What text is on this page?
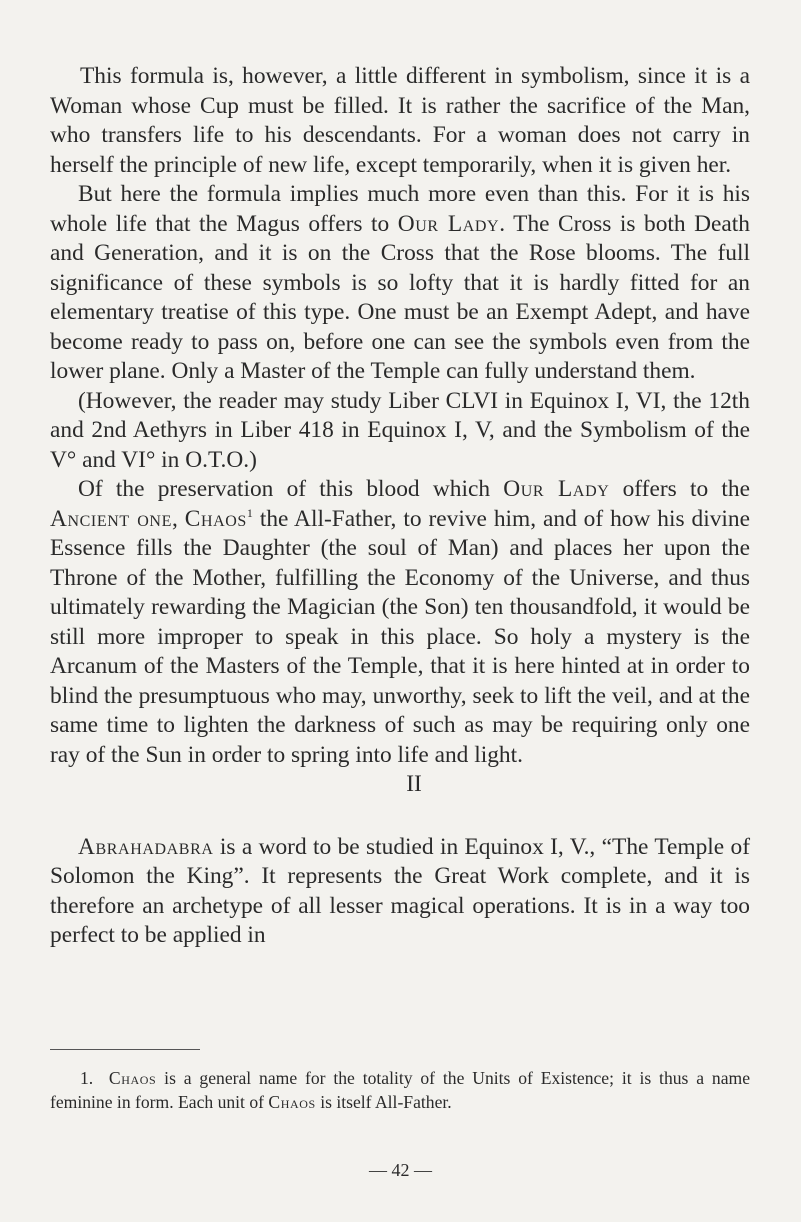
This formula is, however, a little different in symbolism, since it is a Woman whose Cup must be filled. It is rather the sacrifice of the Man, who transfers life to his descendants. For a woman does not carry in herself the principle of new life, except temporarily, when it is given her.

But here the formula implies much more even than this. For it is his whole life that the Magus offers to Our Lady. The Cross is both Death and Generation, and it is on the Cross that the Rose blooms. The full significance of these symbols is so lofty that it is hardly fitted for an elementary treatise of this type. One must be an Exempt Adept, and have become ready to pass on, before one can see the symbols even from the lower plane. Only a Master of the Temple can fully understand them.

(However, the reader may study Liber CLVI in Equinox I, VI, the 12th and 2nd Aethyrs in Liber 418 in Equinox I, V, and the Symbolism of the V° and VI° in O.T.O.)

Of the preservation of this blood which Our Lady offers to the Ancient one, Chaos$^1$ the All-Father, to revive him, and of how his divine Essence fills the Daughter (the soul of Man) and places her upon the Throne of the Mother, fulfilling the Economy of the Universe, and thus ultimately rewarding the Magician (the Son) ten thousandfold, it would be still more improper to speak in this place. So holy a mystery is the Arcanum of the Masters of the Temple, that it is here hinted at in order to blind the presumptuous who may, unworthy, seek to lift the veil, and at the same time to lighten the darkness of such as may be requiring only one ray of the Sun in order to spring into life and light.

II

Abrahadabra is a word to be studied in Equinox I, V., “The Temple of Solomon the King”. It represents the Great Work complete, and it is therefore an archetype of all lesser magical operations. It is in a way too perfect to be applied in

1. Chaos is a general name for the totality of the Units of Existence; it is thus a name feminine in form. Each unit of Chaos is itself All-Father.
— 42 —
